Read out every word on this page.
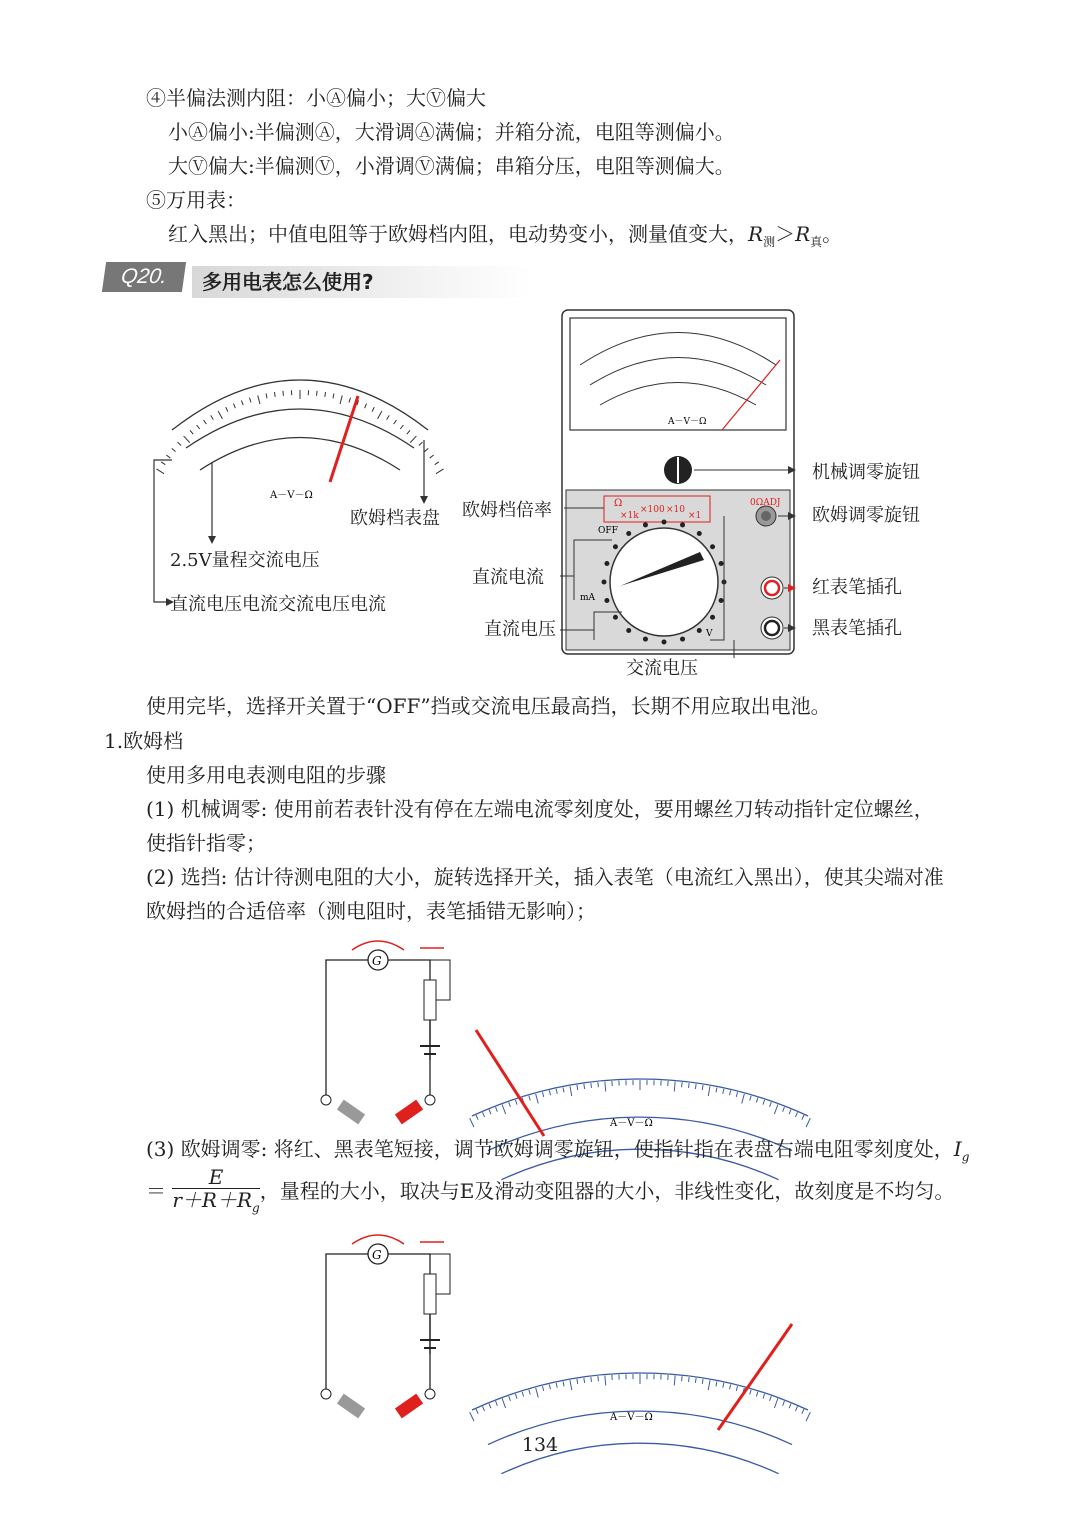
④半偏法测内阻：小Ⓐ偏小；大Ⓥ偏大
小Ⓐ偏小:半偏测Ⓐ，大滑调Ⓐ满偏；并箱分流，电阻等测偏小。
大Ⓥ偏大:半偏测Ⓥ，小滑调Ⓥ满偏；串箱分压，电阻等测偏大。
⑤万用表：
红入黑出；中值电阻等于欧姆档内阻，电动势变小，测量值变大，$R_测>R_真$。
多用电表怎么使用?
Q20.
A－V－Ω
欧姆档表盘
2.5V量程交流电压
直流电压电流交流电压电流
A－V－Ω
Ω
×1k
×100 ×10
×1
OFF
0ΩADJ
mA
V
机械调零旋钮
欧姆调零旋钮
红表笔插孔
黑表笔插孔
欧姆档倍率
直流电流
直流电压
交流电压
使用完毕，选择开关置于“OFF”挡或交流电压最高挡，长期不用应取出电池。
1.欧姆档
使用多用电表测电阻的步骤
(1) 机械调零: 使用前若表针没有停在左端电流零刻度处，要用螺丝刀转动指针定位螺丝，
使指针指零；
(2) 选挡: 估计待测电阻的大小，旋转选择开关，插入表笔（电流红入黑出），使其尖端对准
欧姆挡的合适倍率（测电阻时，表笔插错无影响）；
G
A－V－Ω
G
A－V－Ω
(3) 欧姆调零: 将红、黑表笔短接，调节欧姆调零旋钮，使指针指在表盘右端电阻零刻度处，$I_g$
＝ $\frac{E}{r+R+R_g}$ ，量程的大小，取决与E及滑动变阻器的大小，非线性变化，故刻度是不均匀。
134
